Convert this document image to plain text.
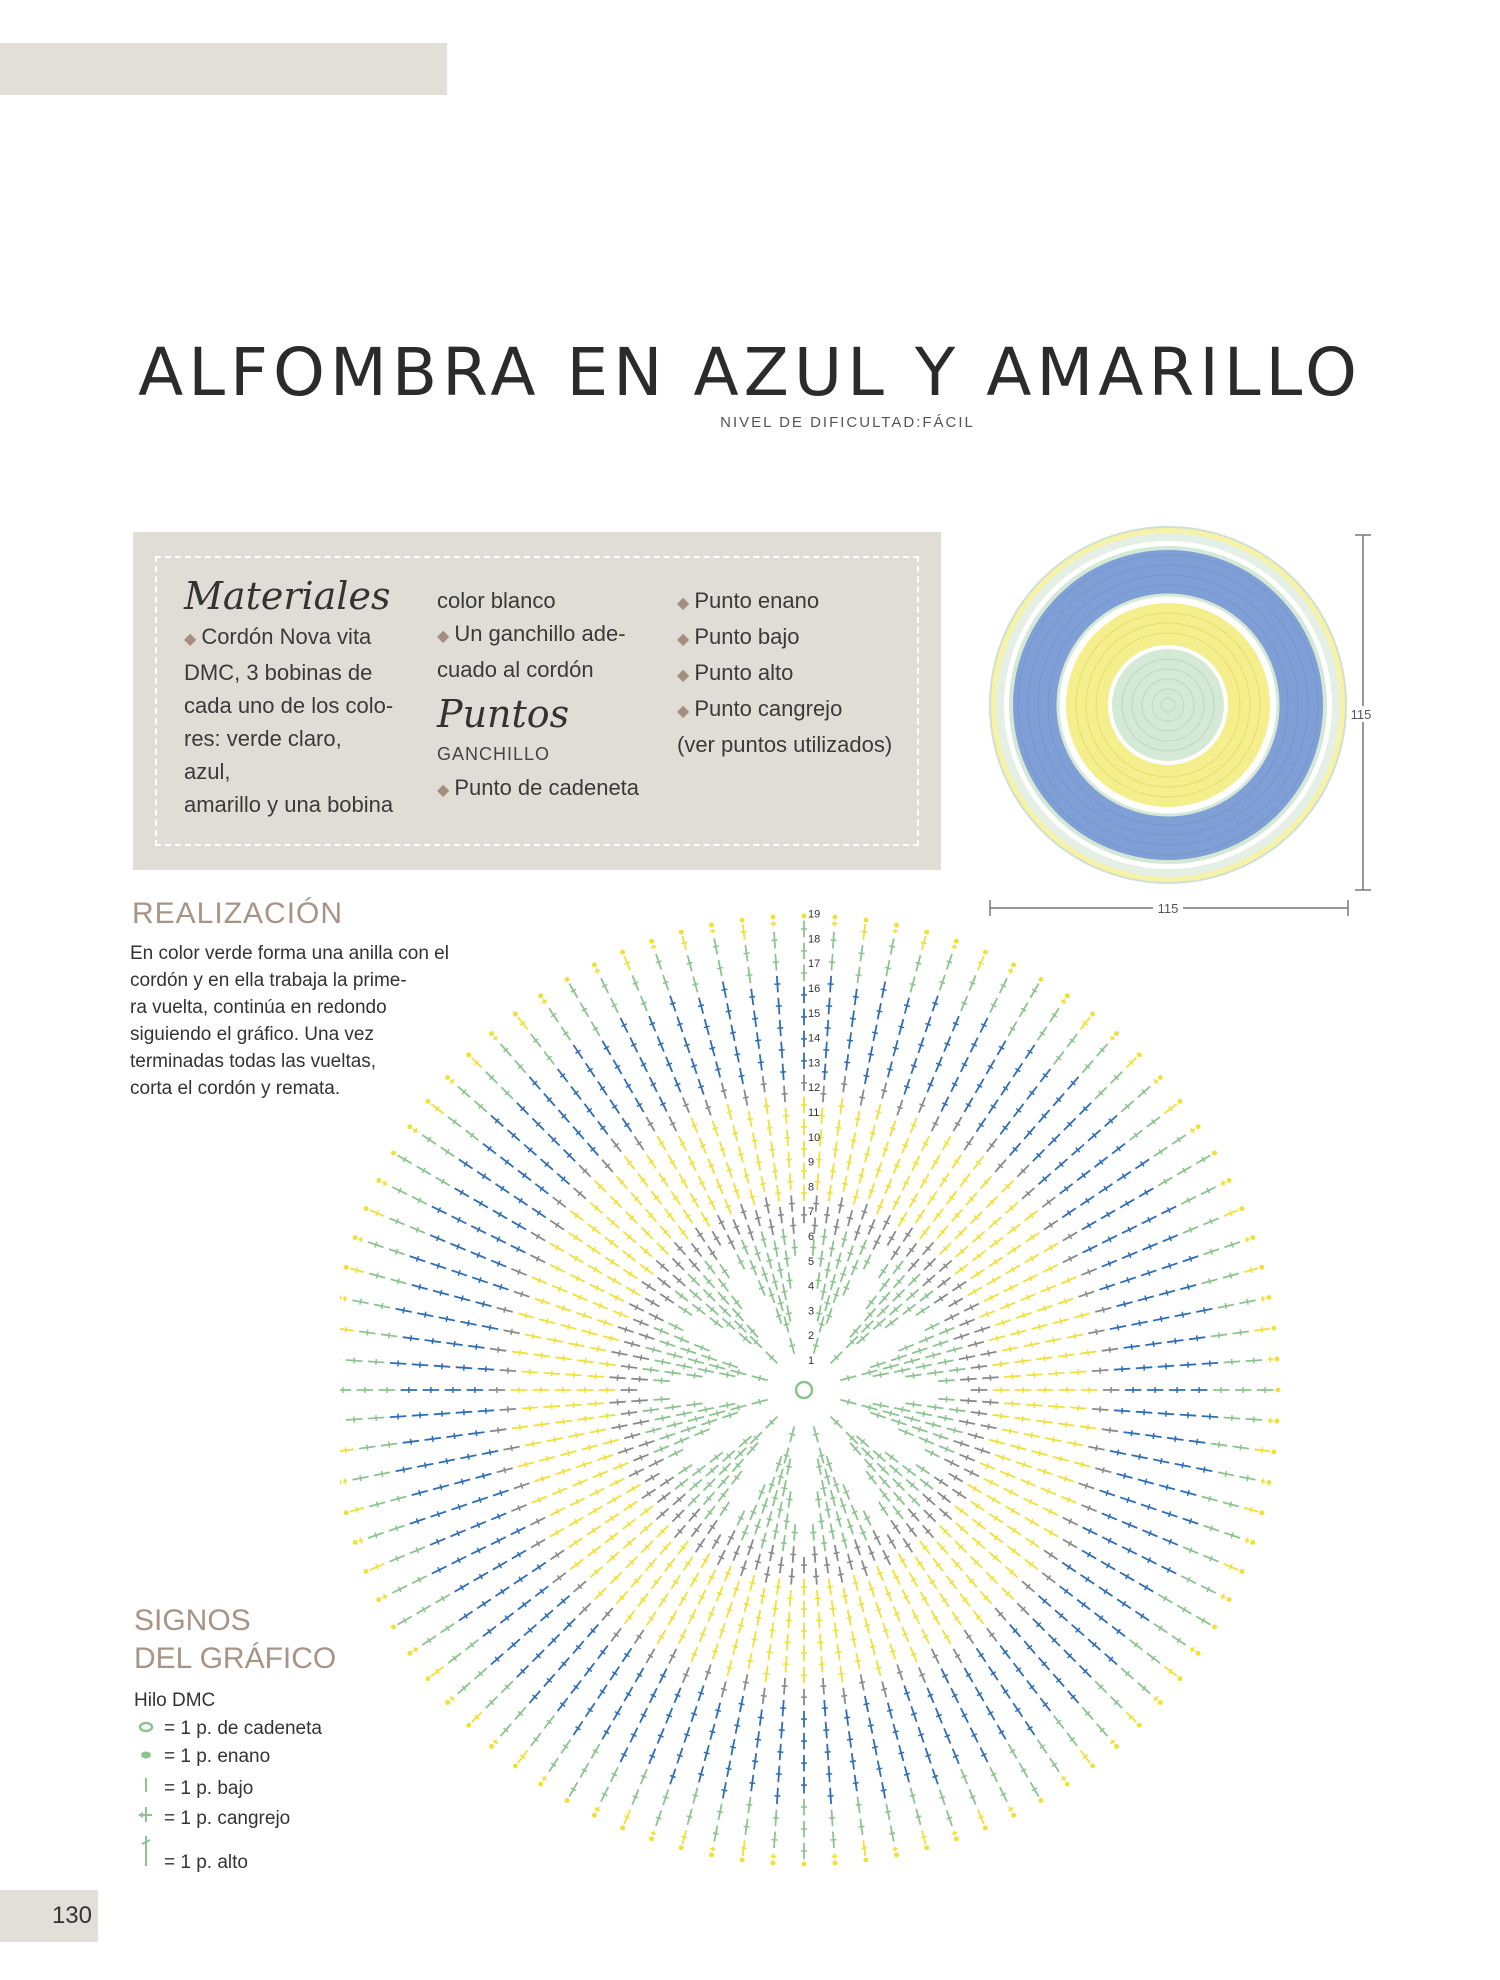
ALFOMBRA EN AZUL Y AMARILLO
NIVEL DE DIFICULTAD:FÁCIL
Materiales
◆ Cordón Nova vita
DMC, 3 bobinas de
cada uno de los colo-
res: verde claro, azul,
amarillo y una bobina
color blanco
◆ Un ganchillo ade-
cuado al cordón
Puntos
GANCHILLO
◆ Punto de cadeneta
◆ Punto enano
◆ Punto bajo
◆ Punto alto
◆ Punto cangrejo
(ver puntos utilizados)
115
115
REALIZACIÓN
En color verde forma una anilla con el
cordón y en ella trabaja la prime-
ra vuelta, continúa en redondo
siguiendo el gráfico. Una vez
terminadas todas las vueltas,
corta el cordón y remata.
1
2
3
4
5
6
7
8
9
10
11
12
13
14
15
16
17
18
19
SIGNOS
DEL GRÁFICO
Hilo DMC
= 1 p. de cadeneta
= 1 p. enano
= 1 p. bajo
= 1 p. cangrejo
= 1 p. alto
130
